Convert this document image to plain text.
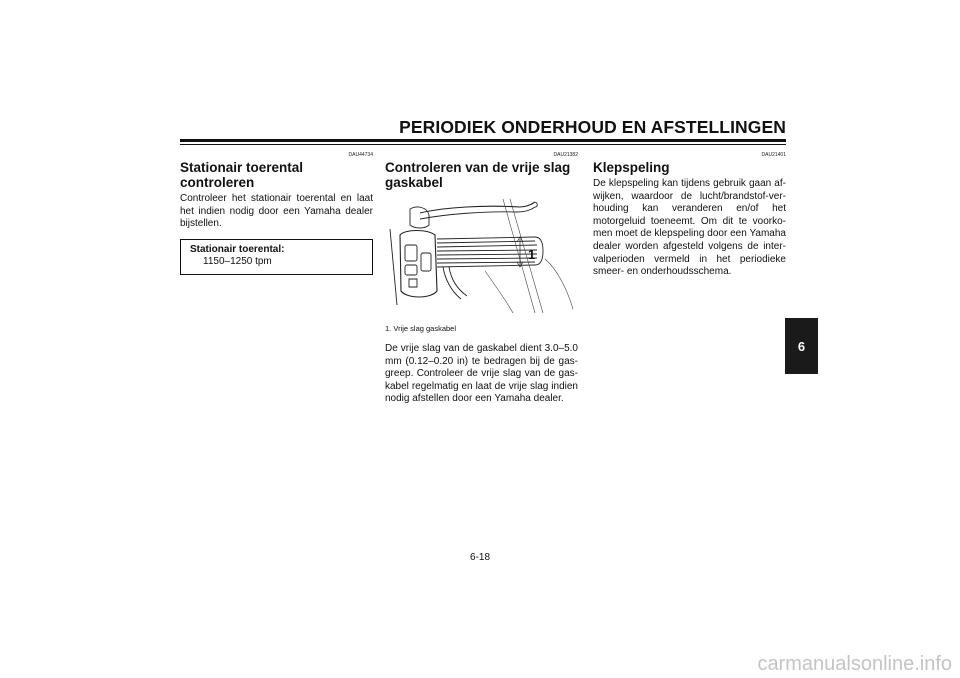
PERIODIEK ONDERHOUD EN AFSTELLINGEN
DAU44734
Stationair toerental controleren

Controleer het stationair toerental en laat het indien nodig door een Yamaha dealer bijstellen.

Stationair toerental:
1150–1250 tpm
DAU21382
Controleren van de vrije slag gaskabel
1
1. Vrije slag gaskabel

De vrije slag van de gaskabel dient 3.0–5.0 mm (0.12–0.20 in) te bedragen bij de gasgreep. Controleer de vrije slag van de gaskabel regelmatig en laat de vrije slag indien nodig afstellen door een Yamaha dealer.

DAU21401
Klepspeling

De klepspeling kan tijdens gebruik gaan afwijken, waardoor de lucht/brandstof-verhouding kan veranderen en/of het motorgeluid toeneemt. Om dit te voorkomen moet de klepspeling door een Yamaha dealer worden afgesteld volgens de intervalperioden vermeld in het periodieke smeer- en onderhoudsschema.

6
6-18
carmanualsonline.info
